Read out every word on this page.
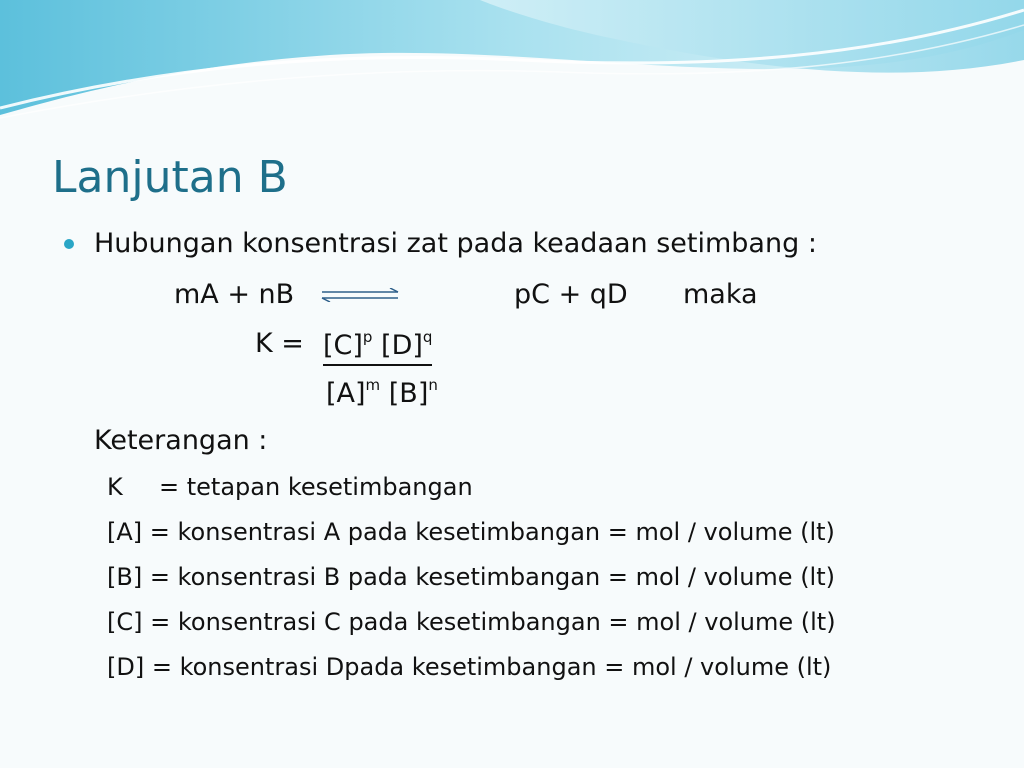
Lanjutan B
Hubungan konsentrasi zat pada keadaan setimbang :
mA + nB	pC + qD maka
$K = [C]^p$ $[D]^q$
$[A]^m$ $[B]^n$
Keterangan :
K = tetapan kesetimbangan
[A] = konsentrasi A pada kesetimbangan = mol / volume (lt)
[B] = konsentrasi B pada kesetimbangan = mol / volume (lt)
[C] = konsentrasi C pada kesetimbangan = mol / volume (lt)
[D] = konsentrasi Dpada kesetimbangan = mol / volume (lt)
